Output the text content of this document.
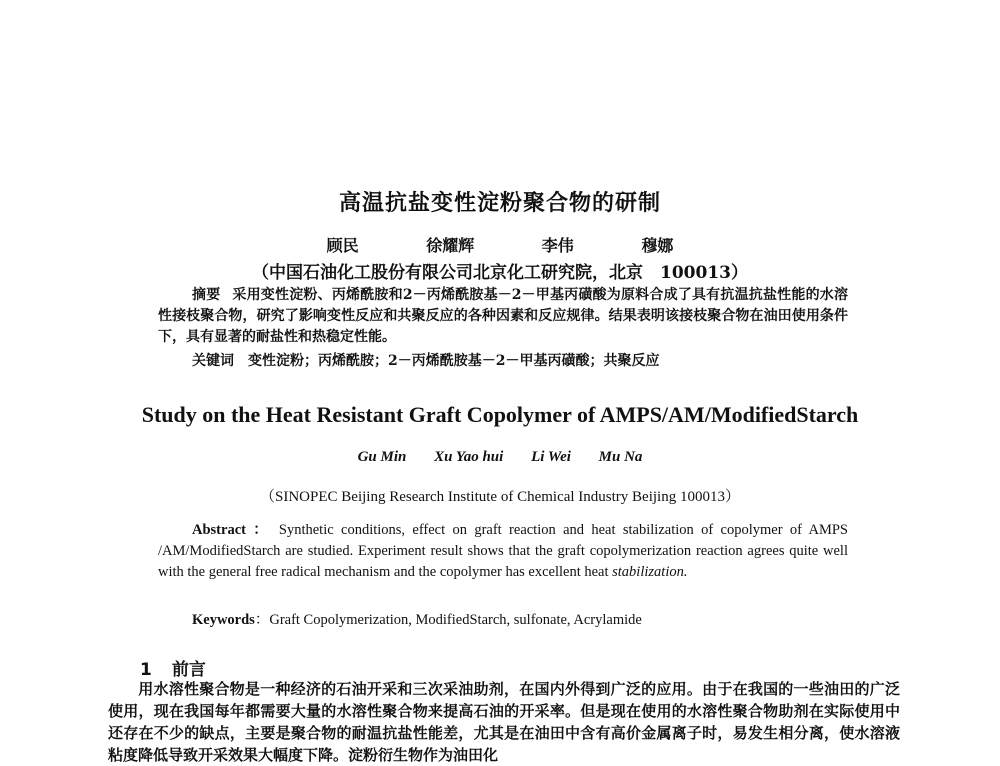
高温抗盐变性淀粉聚合物的研制
顾民	徐耀辉	李伟	穆娜
（中国石油化工股份有限公司北京化工研究院，北京　100013）
摘要 采用变性淀粉、丙烯酰胺和2－丙烯酰胺基－2－甲基丙磺酸为原料合成了具有抗温抗盐性能的水溶性接枝聚合物，研究了影响变性反应和共聚反应的各种因素和反应规律。结果表明该接枝聚合物在油田使用条件下，具有显著的耐盐性和热稳定性能。
关键词 变性淀粉；丙烯酰胺；2－丙烯酰胺基－2－甲基丙磺酸；共聚反应
Study on the Heat Resistant Graft Copolymer of AMPS/AM/ModifiedStarch
Gu Min Xu Yao hui Li Wei Mu Na
（SINOPEC Beijing Research Institute of Chemical Industry Beijing 100013）
Abstract ： Synthetic conditions, effect on graft reaction and heat stabilization of copolymer of AMPS /AM/ModifiedStarch are studied. Experiment result shows that the graft copolymerization reaction agrees quite well with the general free radical mechanism and the copolymer has excellent heat stabilization.
Keywords：Graft Copolymerization, ModifiedStarch, sulfonate, Acrylamide
1 前言
用水溶性聚合物是一种经济的石油开采和三次采油助剂，在国内外得到广泛的应用。由于在我国的一些油田的广泛使用，现在我国每年都需要大量的水溶性聚合物来提高石油的开采率。但是现在使用的水溶性聚合物助剂在实际使用中还存在不少的缺点，主要是聚合物的耐温抗盐性能差，尤其是在油田中含有高价金属离子时，易发生相分离，使水溶液粘度降低导致开采效果大幅度下降。淀粉衍生物作为油田化
